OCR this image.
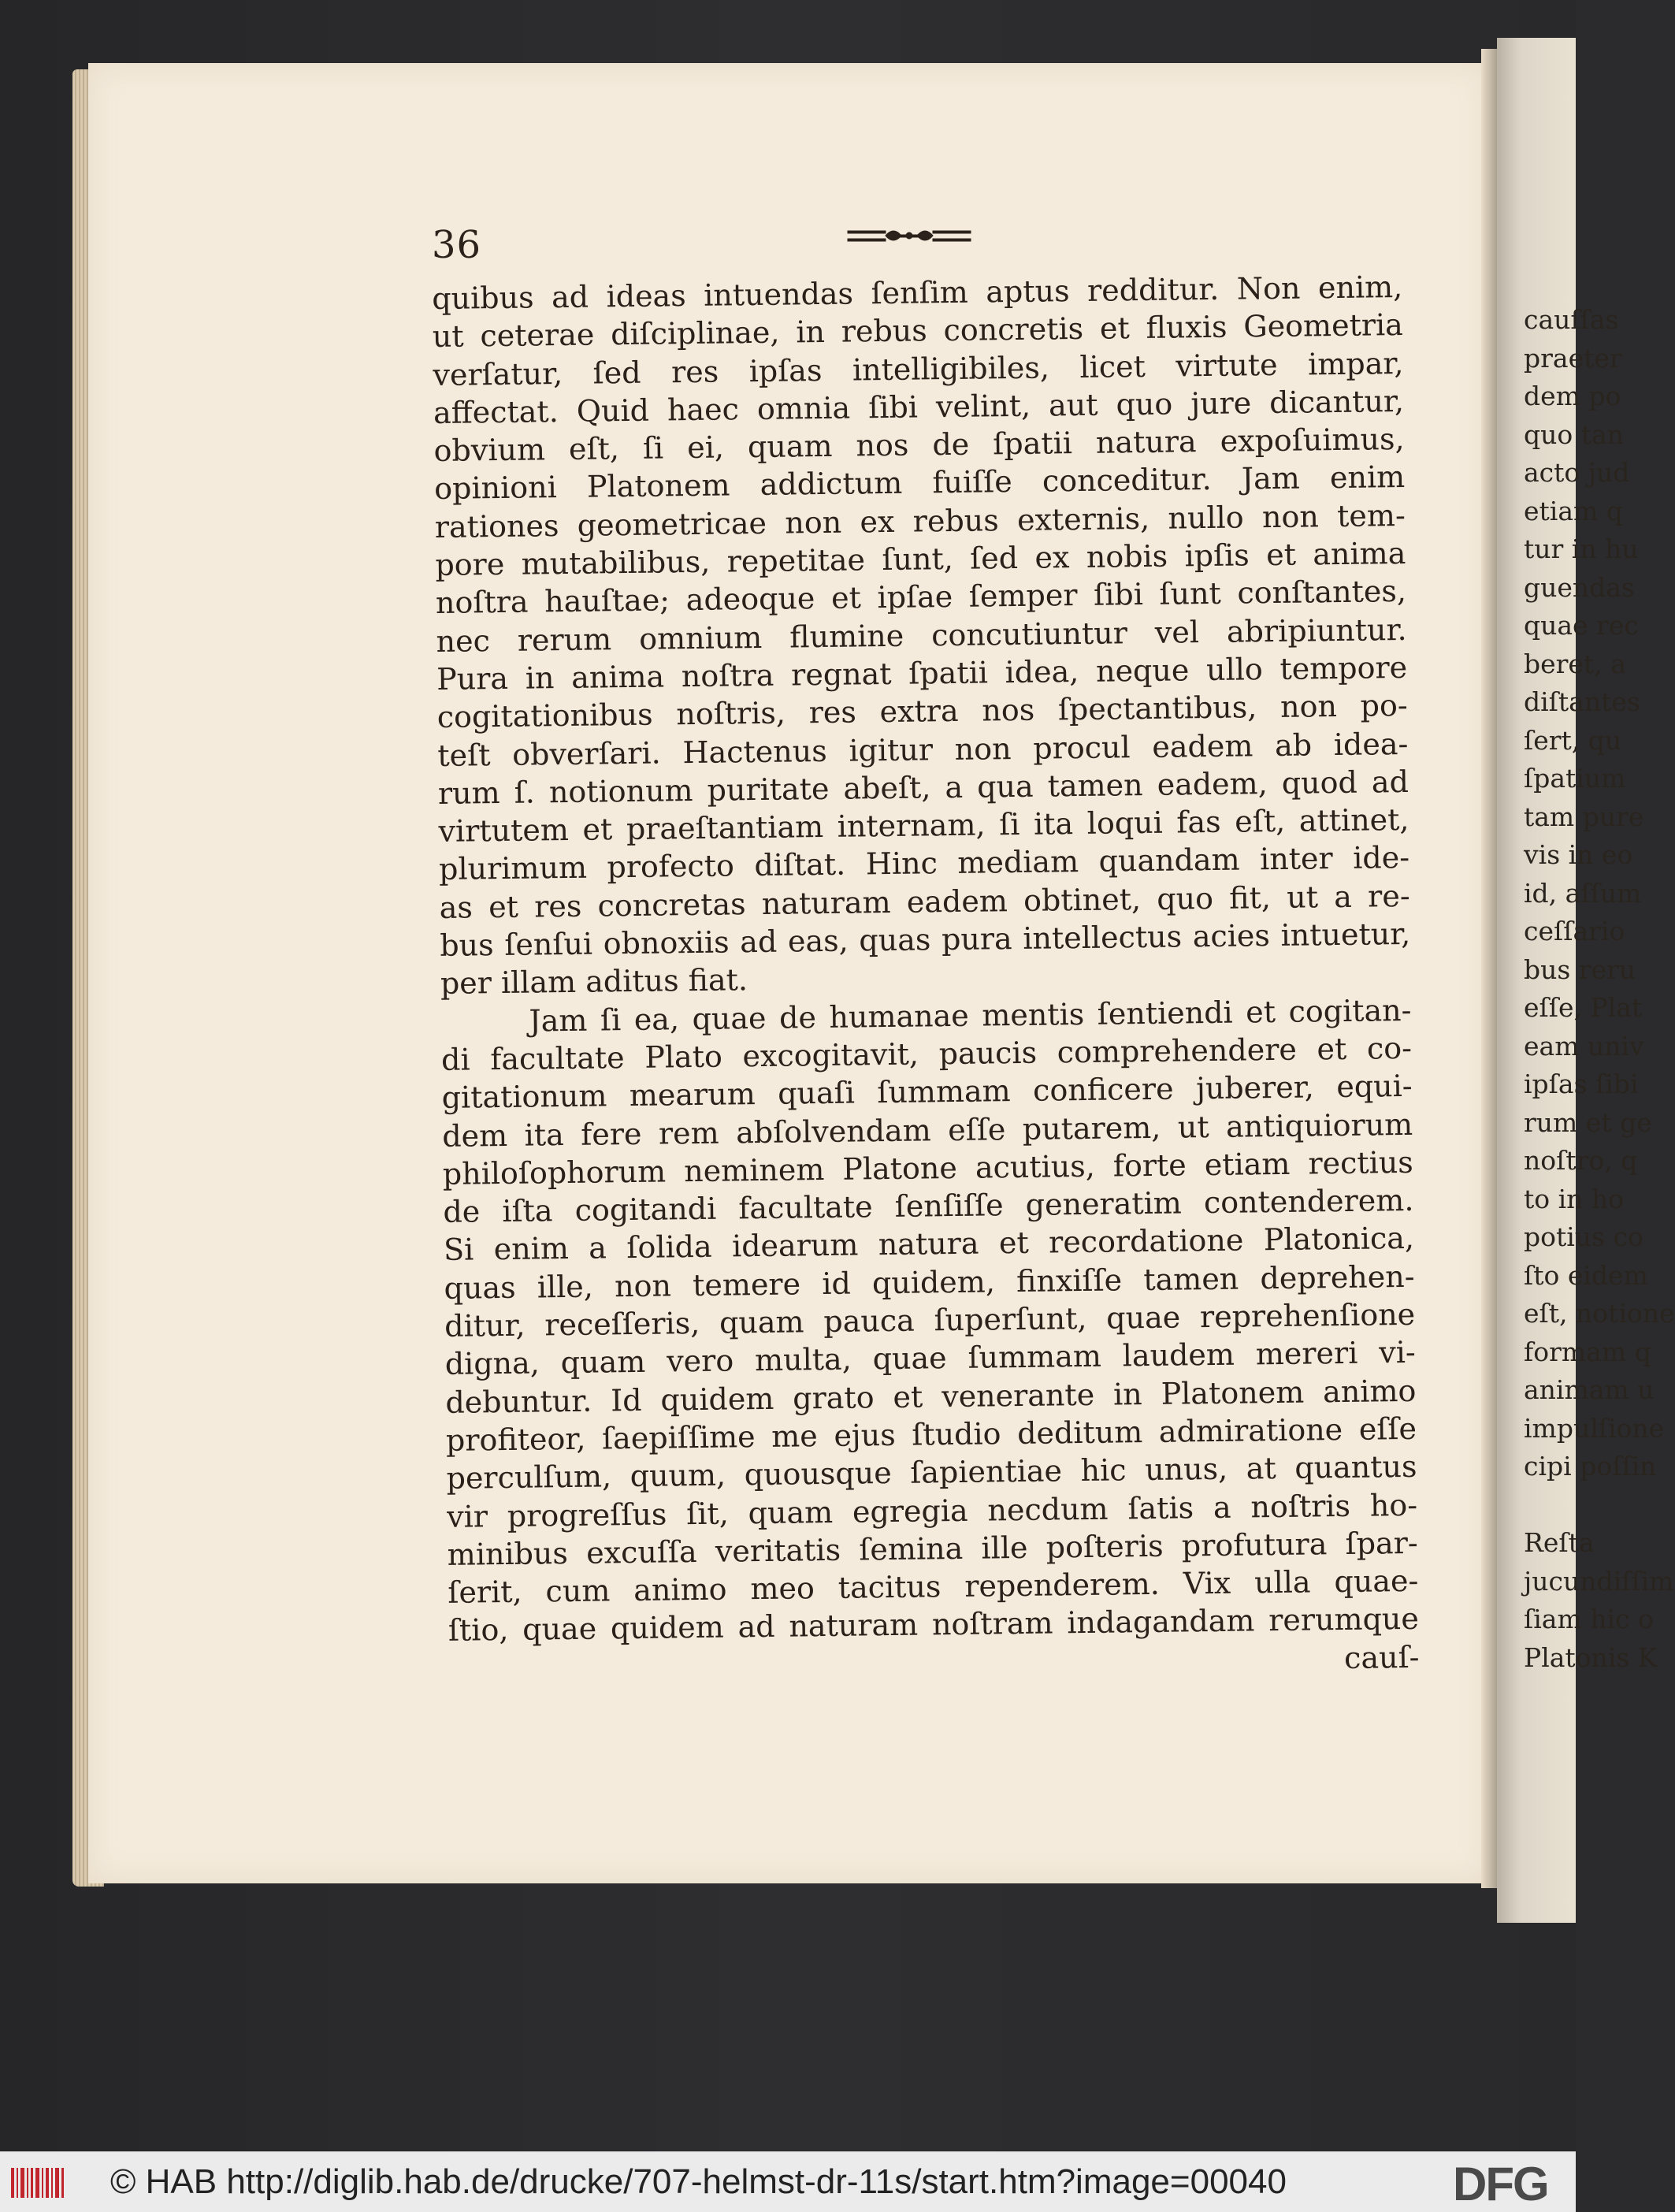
cauſſas
praeter
dem po
quo tan
acto jud
etiam q
tur in hu
guendas
quae rec
beret, a
diſtantes
ſert, qu
ſpatium
tam pure
vis in eo
id, aſſum
ceſſario
bus reru
eſſe, Plat
eam univ
ipſas ſibi
rum et ge
noſtro, q
to in ho
potius co
ſto eidem
eſt, notione
formam q
animam u
impulſione
cipi poſſin
Reſta
jucundiſſim
ſiam hic o
Platonis K
36
quibus ad ideas intuendas ſenſim aptus redditur. Non enim,
ut ceterae diſciplinae, in rebus concretis et fluxis Geometria
verſatur, ſed res ipſas intelligibiles, licet virtute impar,
affectat. Quid haec omnia ſibi velint, aut quo jure dicantur,
obvium eſt, ſi ei, quam nos de ſpatii natura expoſuimus,
opinioni Platonem addictum fuiſſe conceditur. Jam enim
rationes geometricae non ex rebus externis, nullo non tem-
pore mutabilibus, repetitae ſunt, ſed ex nobis ipſis et anima
noſtra hauſtae; adeoque et ipſae ſemper ſibi ſunt conſtantes,
nec rerum omnium flumine concutiuntur vel abripiuntur.
Pura in anima noſtra regnat ſpatii idea, neque ullo tempore
cogitationibus noſtris, res extra nos ſpectantibus, non po-
teſt obverſari. Hactenus igitur non procul eadem ab idea-
rum ſ. notionum puritate abeſt, a qua tamen eadem, quod ad
virtutem et praeſtantiam internam, ſi ita loqui fas eſt, attinet,
plurimum profecto diſtat. Hinc mediam quandam inter ide-
as et res concretas naturam eadem obtinet, quo fit, ut a re-
bus ſenſui obnoxiis ad eas, quas pura intellectus acies intuetur,
per illam aditus fiat.
Jam ſi ea, quae de humanae mentis ſentiendi et cogitan-
di facultate Plato excogitavit, paucis comprehendere et co-
gitationum mearum quaſi ſummam conficere juberer, equi-
dem ita fere rem abſolvendam eſſe putarem, ut antiquiorum
philoſophorum neminem Platone acutius, forte etiam rectius
de iſta cogitandi facultate ſenſiſſe generatim contenderem.
Si enim a ſolida idearum natura et recordatione Platonica,
quas ille, non temere id quidem, finxiſſe tamen deprehen-
ditur, receſſeris, quam pauca ſuperſunt, quae reprehenſione
digna, quam vero multa, quae ſummam laudem mereri vi-
debuntur. Id quidem grato et venerante in Platonem animo
profiteor, ſaepiſſime me ejus ſtudio deditum admiratione eſſe
perculſum, quum, quousque ſapientiae hic unus, at quantus
vir progreſſus ſit, quam egregia necdum ſatis a noſtris ho-
minibus excuſſa veritatis ſemina ille poſteris profutura ſpar-
ſerit, cum animo meo tacitus rependerem. Vix ulla quae-
ſtio, quae quidem ad naturam noſtram indagandam rerumque
cauſ-
© HAB http://diglib.hab.de/drucke/707-helmst-dr-11s/start.htm?image=00040	DFG
